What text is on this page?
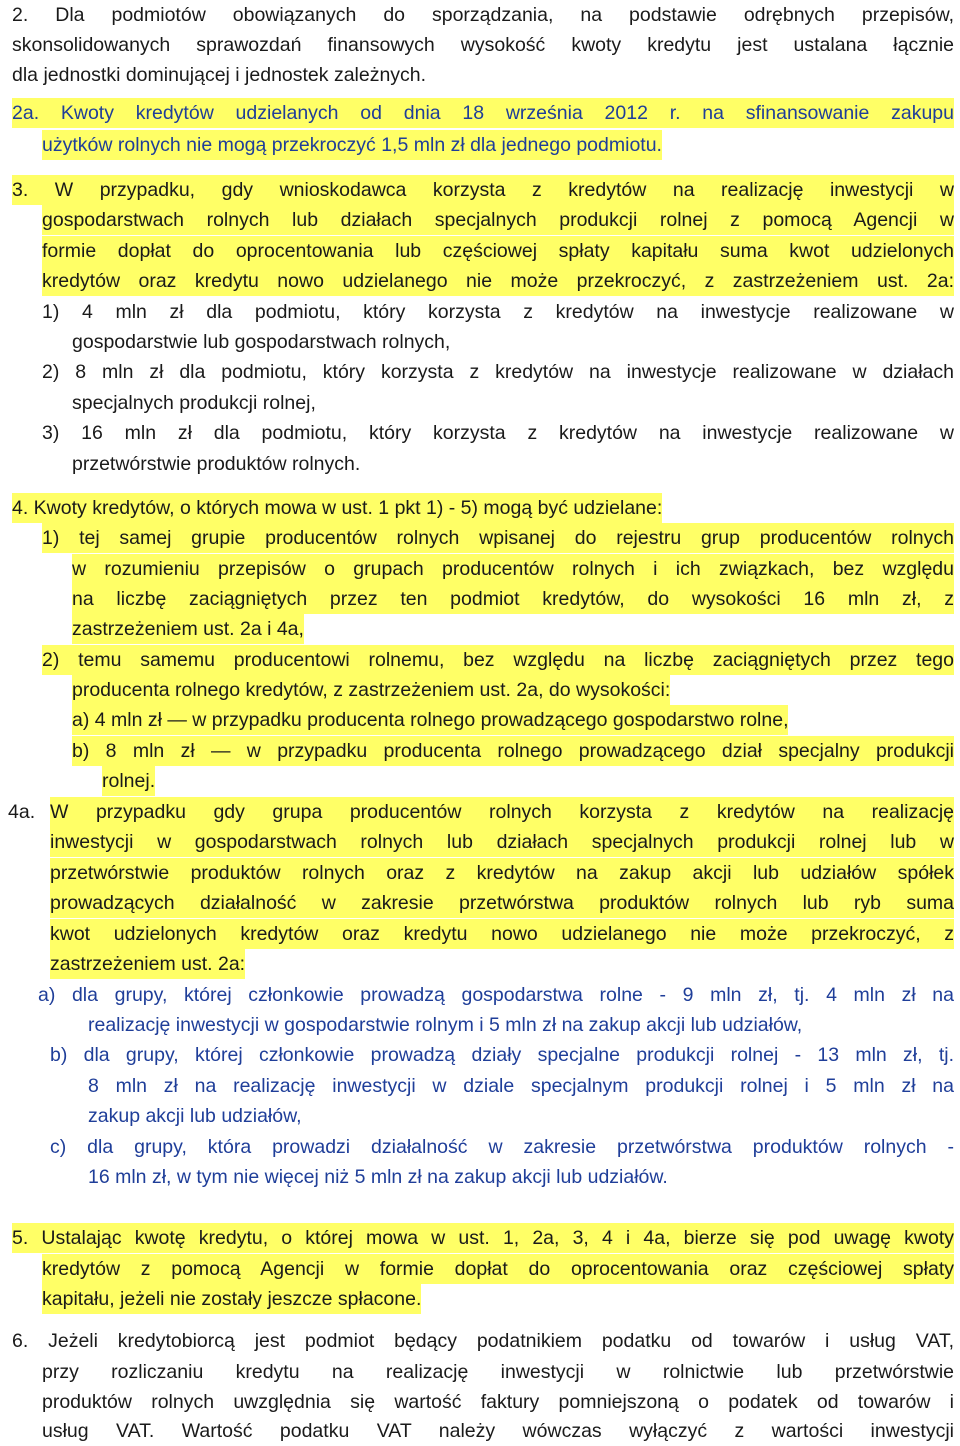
2. Dla podmiotów obowiązanych do sporządzania, na podstawie odrębnych przepisów,
skonsolidowanych sprawozdań finansowych wysokość kwoty kredytu jest ustalana łącznie
dla jednostki dominującej i jednostek zależnych.
2a. Kwoty kredytów udzielanych od dnia 18 września 2012 r. na sfinansowanie zakupu
użytków rolnych nie mogą przekroczyć 1,5 mln zł dla jednego podmiotu.
3. W przypadku, gdy wnioskodawca korzysta z kredytów na realizację inwestycji w
gospodarstwach rolnych lub działach specjalnych produkcji rolnej z pomocą Agencji w
formie dopłat do oprocentowania lub częściowej spłaty kapitału suma kwot udzielonych
kredytów oraz kredytu nowo udzielanego nie może przekroczyć, z zastrzeżeniem ust. 2a:
1) 4 mln zł dla podmiotu, który korzysta z kredytów na inwestycje realizowane w
gospodarstwie lub gospodarstwach rolnych,
2) 8 mln zł dla podmiotu, który korzysta z kredytów na inwestycje realizowane w działach
specjalnych produkcji rolnej,
3) 16 mln zł dla podmiotu, który korzysta z kredytów na inwestycje realizowane w
przetwórstwie produktów rolnych.
4. Kwoty kredytów, o których mowa w ust. 1 pkt 1) - 5) mogą być udzielane:
1) tej samej grupie producentów rolnych wpisanej do rejestru grup producentów rolnych
w rozumieniu przepisów o grupach producentów rolnych i ich związkach, bez względu
na liczbę zaciągniętych przez ten podmiot kredytów, do wysokości 16 mln zł, z
zastrzeżeniem ust. 2a i 4a,
2) temu samemu producentowi rolnemu, bez względu na liczbę zaciągniętych przez tego
producenta rolnego kredytów, z zastrzeżeniem ust. 2a, do wysokości:
a) 4 mln zł — w przypadku producenta rolnego prowadzącego gospodarstwo rolne,
b) 8 mln zł — w przypadku producenta rolnego prowadzącego dział specjalny produkcji
rolnej.
4a. W przypadku gdy grupa producentów rolnych korzysta z kredytów na realizację
inwestycji w gospodarstwach rolnych lub działach specjalnych produkcji rolnej lub w
przetwórstwie produktów rolnych oraz z kredytów na zakup akcji lub udziałów spółek
prowadzących działalność w zakresie przetwórstwa produktów rolnych lub ryb suma
kwot udzielonych kredytów oraz kredytu nowo udzielanego nie może przekroczyć, z
zastrzeżeniem ust. 2a:
a) dla grupy, której członkowie prowadzą gospodarstwa rolne - 9 mln zł, tj. 4 mln zł na
realizację inwestycji w gospodarstwie rolnym i 5 mln zł na zakup akcji lub udziałów,
b) dla grupy, której członkowie prowadzą działy specjalne produkcji rolnej - 13 mln zł, tj.
8 mln zł na realizację inwestycji w dziale specjalnym produkcji rolnej i 5 mln zł na
zakup akcji lub udziałów,
c) dla grupy, która prowadzi działalność w zakresie przetwórstwa produktów rolnych -
16 mln zł, w tym nie więcej niż 5 mln zł na zakup akcji lub udziałów.
5. Ustalając kwotę kredytu, o której mowa w ust. 1, 2a, 3, 4 i 4a, bierze się pod uwagę kwoty
kredytów z pomocą Agencji w formie dopłat do oprocentowania oraz częściowej spłaty
kapitału, jeżeli nie zostały jeszcze spłacone.
6. Jeżeli kredytobiorcą jest podmiot będący podatnikiem podatku od towarów i usług VAT,
przy rozliczaniu kredytu na realizację inwestycji w rolnictwie lub przetwórstwie
produktów rolnych uwzględnia się wartość faktury pomniejszoną o podatek od towarów i
usług VAT. Wartość podatku VAT należy wówczas wyłączyć z wartości inwestycji
